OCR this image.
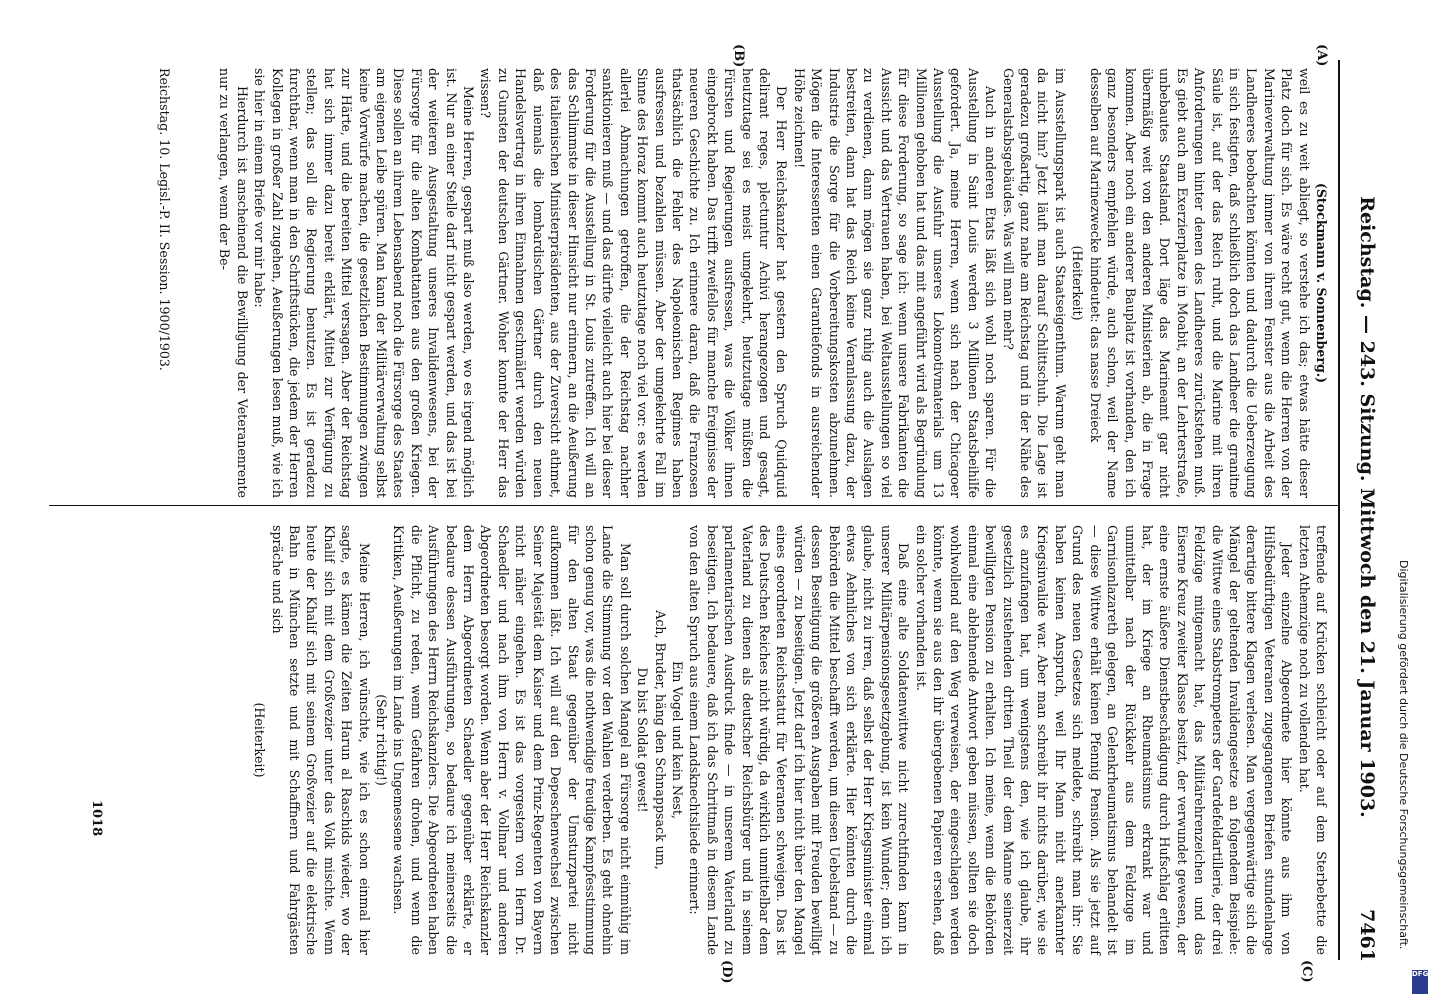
Reichstag. — 243. Sitzung. Mittwoch den 21. Januar 1903.
7461
(A)
(B)
(C)
(D)

(Stockmann v. Sonnenberg.)

weil es zu weit abliegt, so verstehe ich das; etwas hätte dieser Platz doch für sich. Es wäre recht gut, wenn die Herren von der Marineverwaltung immer von ihrem Fenster aus die Arbeit des Landheeres beobachten könnten und dadurch die Ueberzeugung in sich festigten, daß schließlich doch das Landheer die granitne Säule ist, auf der das Reich ruht, und die Marine mit ihren Anforderungen hinter denen des Landheeres zurückstehen muß. Es giebt auch am Exerzierplatze in Moabit, an der Lehrterstraße, unbebautes Staatsland. Dort läge das Marineamt gar nicht übermäßig weit von den anderen Ministerien ab, die in Frage kommen. Aber noch ein anderer Bauplatz ist vorhanden, den ich ganz besonders empfehlen würde, auch schon, weil der Name desselben auf Marinezwecke hindeutet: das nasse Dreieck

(Heiterkeit)

im Ausstellungspark ist auch Staatseigenthum. Warum geht man da nicht hin? Jetzt läuft man darauf Schlittschuh. Die Lage ist geradezu großartig, ganz nahe am Reichstag und in der Nähe des Generalstabsgebäudes. Was will man mehr?

Auch in anderen Etats läßt sich wohl noch sparen. Für die Ausstellung in Saint Louis werden 3 Millionen Staatsbeihilfe gefordert. Ja, meine Herren, wenn sich nach der Chicagoer Ausstellung die Ausfuhr unseres Lokomotivmaterials um 13 Millionen gehoben hat und das mit angeführt wird als Begründung für diese Forderung, so sage ich: wenn unsere Fabrikanten die Aussicht und das Vertrauen haben, bei Weltausstellungen so viel zu verdienen, dann mögen sie ganz ruhig auch die Auslagen bestreiten, dann hat das Reich keine Veranlassung dazu, der Industrie die Sorge für die Vorbereitungskosten abzunehmen. Mögen die Interessenten einen Garantiefonds in ausreichender Höhe zeichnen!

Der Herr Reichskanzler hat gestern den Spruch Quidquid delirant reges, plectuntur Achivi herangezogen und gesagt, heutzutage sei es meist umgekehrt, heutzutage müßten die Fürsten und Regierungen ausfressen, was die Völker ihnen eingebrockt haben. Das trifft zweifellos für manche Ereignisse der neueren Geschichte zu. Ich erinnere daran, daß die Franzosen thatsächlich die Fehler des Napoleonischen Regimes haben ausfressen und bezahlen müssen. Aber der umgekehrte Fall im Sinne des Horaz kommt auch heutzutage noch viel vor: es werden allerlei Abmachungen getroffen, die der Reichstag nachher sanktionieren muß — und das dürfte vielleicht auch hier bei dieser Forderung für die Ausstellung in St. Louis zutreffen. Ich will an das Schlimmste in dieser Hinsicht nur erinnern, an die Aeußerung des italienischen Ministerpräsidenten, aus der Zuversicht athmet, daß niemals die lombardischen Gärtner durch den neuen Handelsvertrag in ihren Einnahmen geschmälert werden würden zu Gunsten der deutschen Gärtner. Woher konnte der Herr das wissen?

Meine Herren, gespart muß also werden, wo es irgend möglich ist. Nur an einer Stelle darf nicht gespart werden, und das ist bei der weiteren Ausgestaltung unseres Invalidenwesens, bei der Fürsorge für die alten Kombattanten aus den großen Kriegen. Diese sollen an ihrem Lebensabend noch die Fürsorge des Staates am eigenen Leibe spüren. Man kann der Militärverwaltung selbst keine Vorwürfe machen, die gesetzlichen Bestimmungen zwingen zur Härte, und die bereiten Mittel versagen. Aber der Reichstag hat sich immer dazu bereit erklärt, Mittel zur Verfügung zu stellen; das soll die Regierung benutzen. Es ist geradezu furchtbar, wenn man in den Schriftstücken, die jedem der Herren Kollegen in großer Zahl zugehen, Aeußerungen lesen muß, wie ich sie hier in einem Briefe vor mir habe:

Hierdurch ist anscheinend die Bewilligung der Veteranenrente nur zu verlangen, wenn der Be-

treffende auf Krücken schleicht oder auf dem Sterbebette die letzten Athemzüge noch zu vollenden hat.

Jeder einzelne Abgeordnete hier könnte aus ihm von Hilfsbedürftigen Veteranen zugegangenen Briefen stundenlange derartige bittere Klagen verlesen. Man vergegenwärtige sich die Mängel der geltenden Invalidengesetze an folgendem Beispiele: die Wittwe eines Stabstrompeters der Gardefeldartillerie, der drei Feldzüge mitgemacht hat, das Militärehrenzeichen und das Eiserne Kreuz zweiter Klasse besitzt, der verwundet gewesen, der eine ernste äußere Dienstbeschädigung durch Hufschlag erlitten hat, der im Kriege an Rheumatismus erkrankt war und unmittelbar nach der Rückkehr aus dem Feldzuge im Garnisonlazareth gelegen, an Gelenkrheumatismus behandelt ist — diese Wittwe erhält keinen Pfennig Pension. Als sie jetzt auf Grund des neuen Gesetzes sich meldete, schreibt man ihr: Sie haben keinen Anspruch, weil Ihr Mann nicht anerkannter Kriegsinvalide war. Aber man schreibt ihr nichts darüber, wie sie es anzufangen hat, um wenigstens den, wie ich glaube, ihr gesetzlich zustehenden dritten Theil der dem Manne seinerzeit bewilligten Pension zu erhalten. Ich meine, wenn die Behörden einmal eine ablehnende Antwort geben müssen, sollten sie doch wohlwollend auf den Weg verweisen, der eingeschlagen werden könnte, wenn sie aus den ihr übergebenen Papieren ersehen, daß ein solcher vorhanden ist.

Daß eine alte Soldatenwittwe nicht zurechtfinden kann in unserer Militärpensionsgesetzgebung, ist kein Wunder; denn ich glaube, nicht zu irren, daß selbst der Herr Kriegsminister einmal etwas Aehnliches von sich erklärte. Hier könnten durch die Behörden die Mittel beschafft werden, um diesen Uebelstand — zu dessen Beseitigung die größeren Ausgaben mit Freuden bewilligt würden — zu beseitigen. Jetzt darf ich hier nicht über den Mangel eines geordneten Reichsstatut für Veteranen schweigen. Das ist des Deutschen Reiches nicht würdig, da wirklich unmittelbar dem Vaterland zu dienen als deutscher Reichsbürger und in seinem parlamentarischen Ausdruck finde — in unserem Vaterland zu beseitigen. Ich bedauere, daß ich das Schrittmaß in diesem Lande von den alten Spruch aus einem Landsknechtsliede erinnert:

Ein Vogel und kein Nest,

Ach, Bruder, häng den Schnappsack um,

Du bist Soldat gewest!

Man soll durch solchen Mangel an Fürsorge nicht einmühig im Lande die Stimmung vor den Wahlen verderben. Es geht ohnehin schon genug vor, was die nothwendige freudige Kampfesstimmung für den alten Staat gegenüber der Umsturzpartei nicht aufkommen läßt. Ich will auf den Depeschenwechsel zwischen Seiner Majestät dem Kaiser und dem Prinz-Regenten von Bayern nicht näher eingehen. Es ist das vorgestern von Herrn Dr. Schaedler und nach ihm von Herrn v. Vollmar und anderen Abgeordneten besorgt worden. Wenn aber der Herr Reichskanzler dem Herrn Abgeordneten Schaedler gegenüber erklärte, er bedaure dessen Ausführungen, so bedaure ich meinerseits die Ausführungen des Herrn Reichskanzlers. Die Abgeordneten haben die Pflicht, zu reden, wenn Gefahren drohen, und wenn die Kritiken, Aeußerungen im Lande ins Ungemessene wachsen.

(Sehr richtig!)

Meine Herren, ich wünschte, wie ich es schon einmal hier sagte, es kämen die Zeiten Harun al Raschids wieder, wo der Khalif sich mit dem Großvezier unter das Volk mischte. Wenn heute der Khalif sich mit seinem Großvezier auf die elektrische Bahn in München setzte und mit Schaffnern und Fahrgästen spräche und sich

(Heiterkeit)

Reichstag. 10. Legisl.-P. II. Session. 1900/1903.
1018	Digitalisierung gefördert durch die Deutsche Forschungsgemeinschaft.
DFG
